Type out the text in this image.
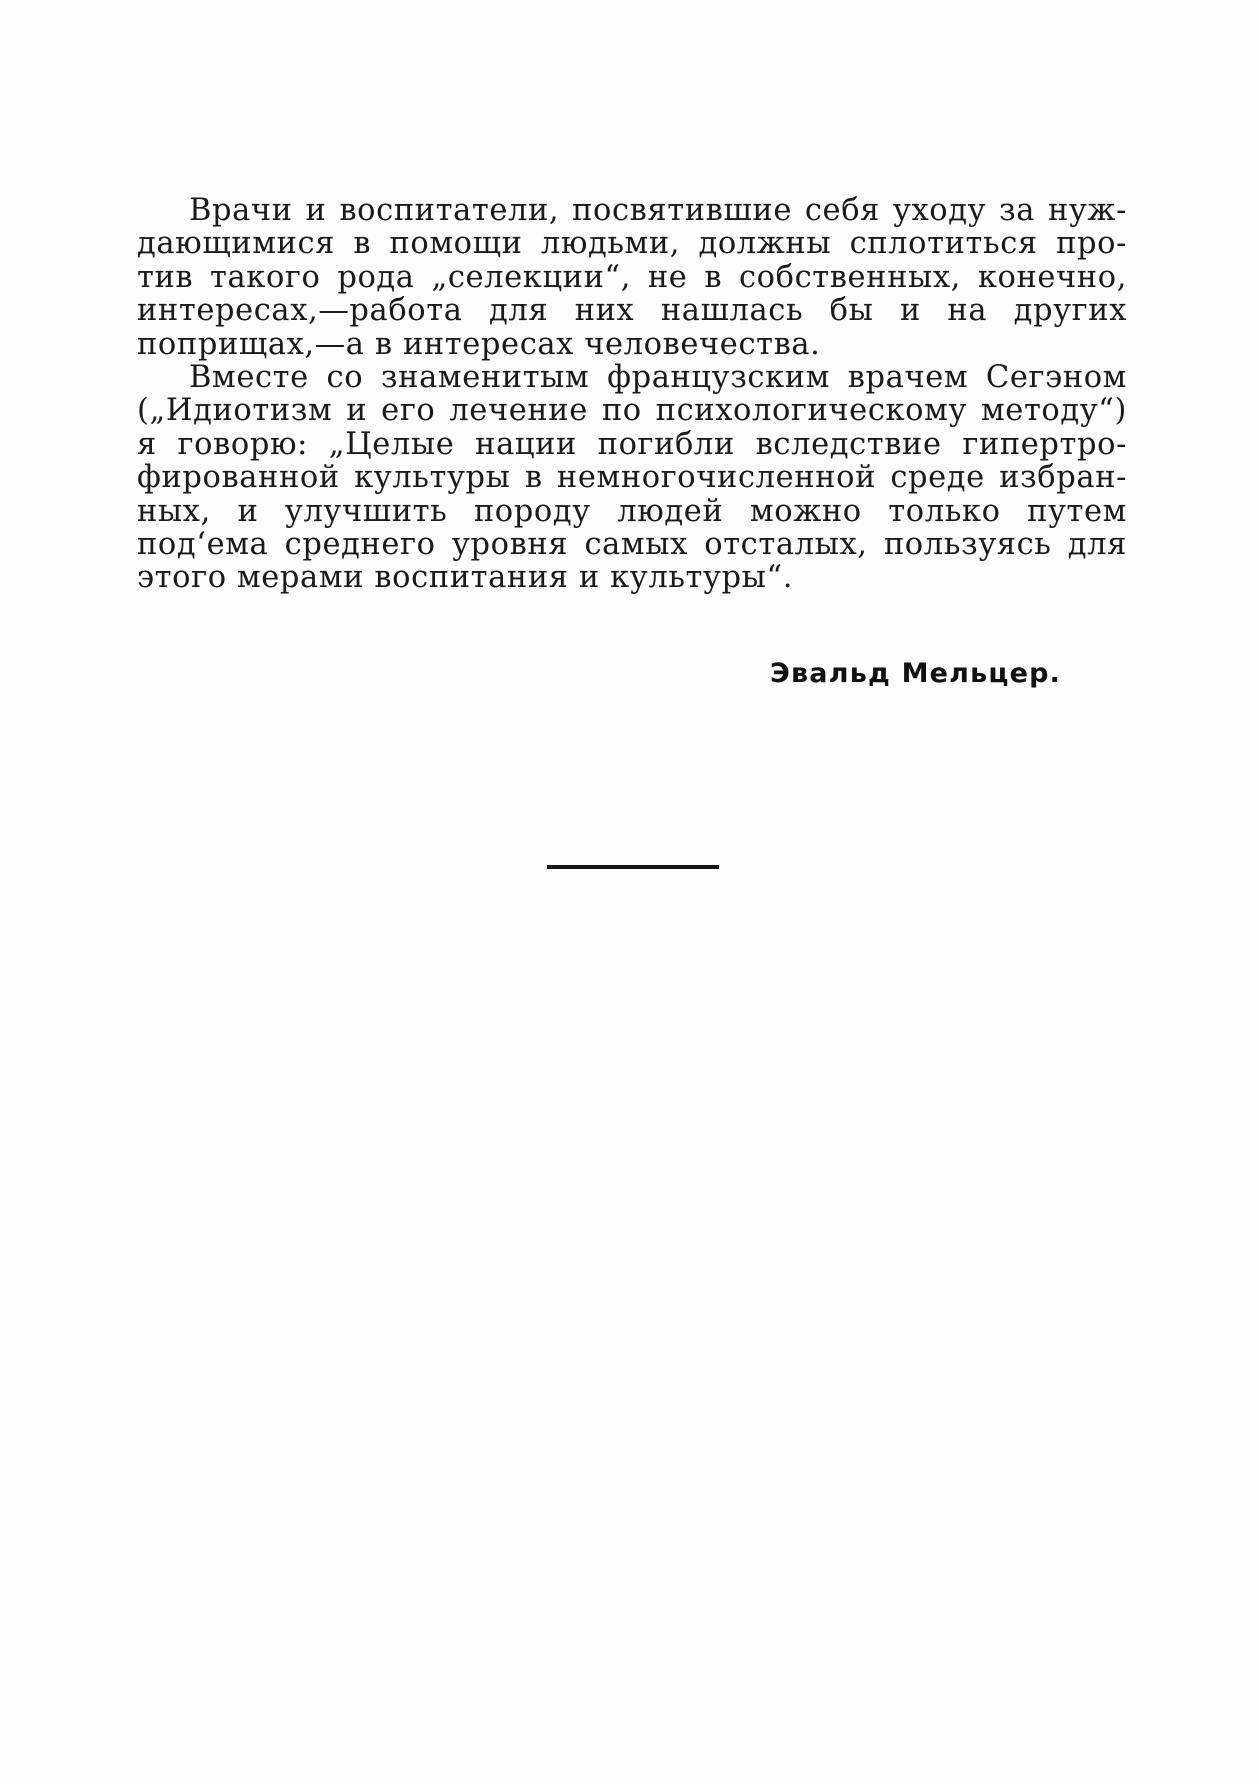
Врачи и воспитатели, посвятившие себя уходу за нуж-
дающимися в помощи людьми, должны сплотиться про-
тив такого рода „селекции“, не в собственных, конечно,
интересах,—работа для них нашлась бы и на других
поприщах,—а в интересах человечества.
Вместе со знаменитым французским врачем Сегэном
(„Идиотизм и его лечение по психологическому методу“)
я говорю: „Целые нации погибли вследствие гипертро-
фированной культуры в немногочисленной среде избран-
ных, и улучшить породу людей можно только путем
под‘ема среднего уровня самых отсталых, пользуясь для
этого мерами воспитания и культуры“.
Эвальд Мельцер.
